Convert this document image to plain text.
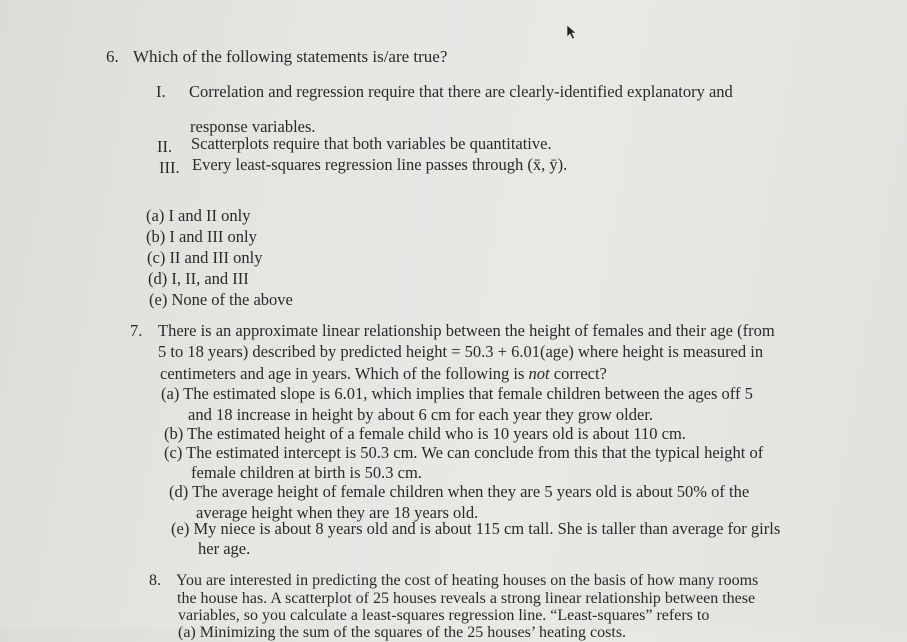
6. Which of the following statements is/are true?
I. Correlation and regression require that there are clearly-identified explanatory and
response variables.
II. Scatterplots require that both variables be quantitative.
III. Every least-squares regression line passes through (x̄, ȳ).
(a) I and II only
(b) I and III only
(c) II and III only
(d) I, II, and III
(e) None of the above
7. There is an approximate linear relationship between the height of females and their age (from
5 to 18 years) described by predicted height = 50.3 + 6.01(age) where height is measured in
centimeters and age in years. Which of the following is not correct?
(a) The estimated slope is 6.01, which implies that female children between the ages off 5
and 18 increase in height by about 6 cm for each year they grow older.
(b) The estimated height of a female child who is 10 years old is about 110 cm.
(c) The estimated intercept is 50.3 cm. We can conclude from this that the typical height of
female children at birth is 50.3 cm.
(d) The average height of female children when they are 5 years old is about 50% of the
average height when they are 18 years old.
(e) My niece is about 8 years old and is about 115 cm tall. She is taller than average for girls
her age.
8. You are interested in predicting the cost of heating houses on the basis of how many rooms
the house has. A scatterplot of 25 houses reveals a strong linear relationship between these
variables, so you calculate a least-squares regression line. “Least-squares” refers to
(a) Minimizing the sum of the squares of the 25 houses’ heating costs.
